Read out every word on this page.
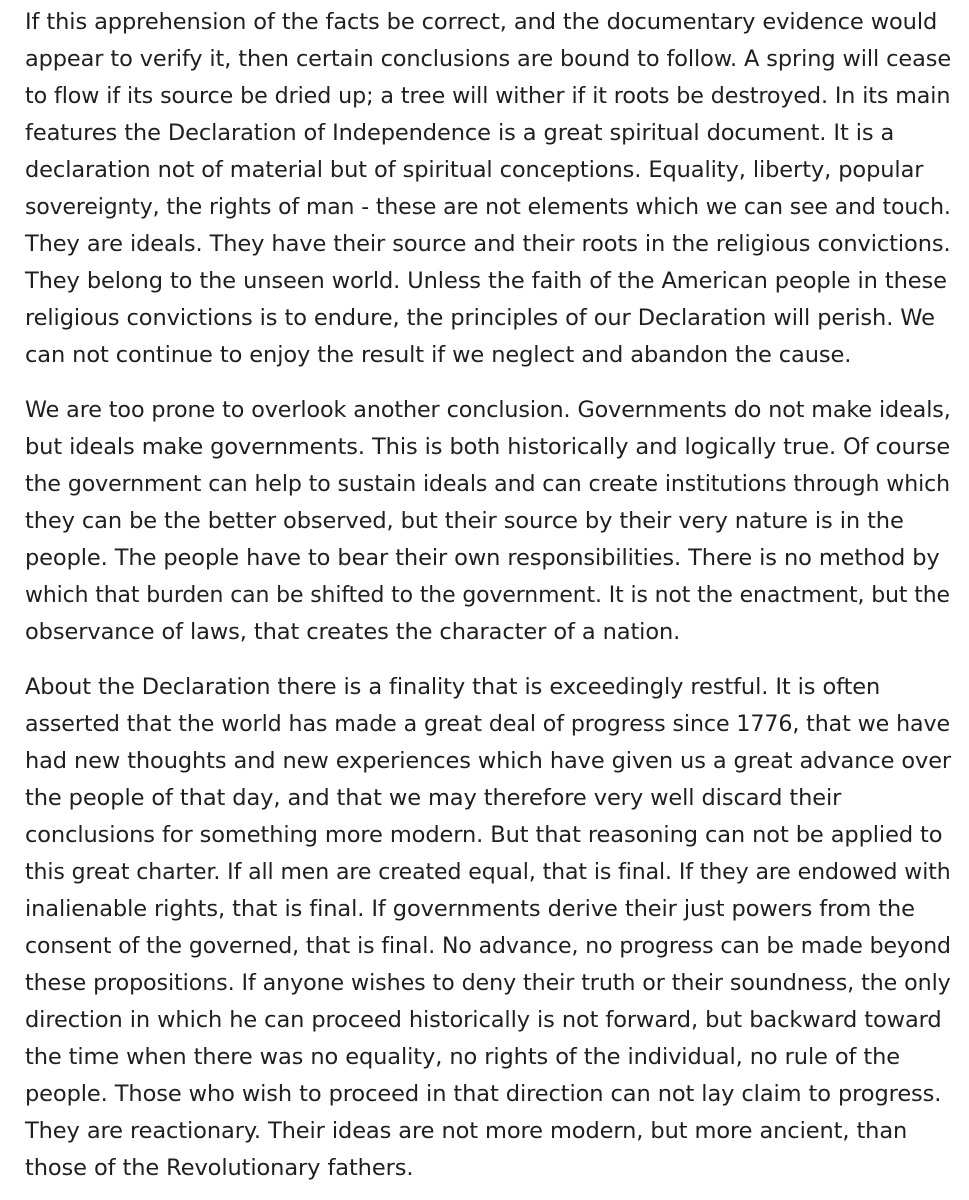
If this apprehension of the facts be correct, and the documentary evidence would
appear to verify it, then certain conclusions are bound to follow. A spring will cease
to flow if its source be dried up; a tree will wither if it roots be destroyed. In its main
features the Declaration of Independence is a great spiritual document. It is a
declaration not of material but of spiritual conceptions. Equality, liberty, popular
sovereignty, the rights of man - these are not elements which we can see and touch.
They are ideals. They have their source and their roots in the religious convictions.
They belong to the unseen world. Unless the faith of the American people in these
religious convictions is to endure, the principles of our Declaration will perish. We
can not continue to enjoy the result if we neglect and abandon the cause.

We are too prone to overlook another conclusion. Governments do not make ideals,
but ideals make governments. This is both historically and logically true. Of course
the government can help to sustain ideals and can create institutions through which
they can be the better observed, but their source by their very nature is in the
people. The people have to bear their own responsibilities. There is no method by
which that burden can be shifted to the government. It is not the enactment, but the
observance of laws, that creates the character of a nation.

About the Declaration there is a finality that is exceedingly restful. It is often
asserted that the world has made a great deal of progress since 1776, that we have
had new thoughts and new experiences which have given us a great advance over
the people of that day, and that we may therefore very well discard their
conclusions for something more modern. But that reasoning can not be applied to
this great charter. If all men are created equal, that is final. If they are endowed with
inalienable rights, that is final. If governments derive their just powers from the
consent of the governed, that is final. No advance, no progress can be made beyond
these propositions. If anyone wishes to deny their truth or their soundness, the only
direction in which he can proceed historically is not forward, but backward toward
the time when there was no equality, no rights of the individual, no rule of the
people. Those who wish to proceed in that direction can not lay claim to progress.
They are reactionary. Their ideas are not more modern, but more ancient, than
those of the Revolutionary fathers.
